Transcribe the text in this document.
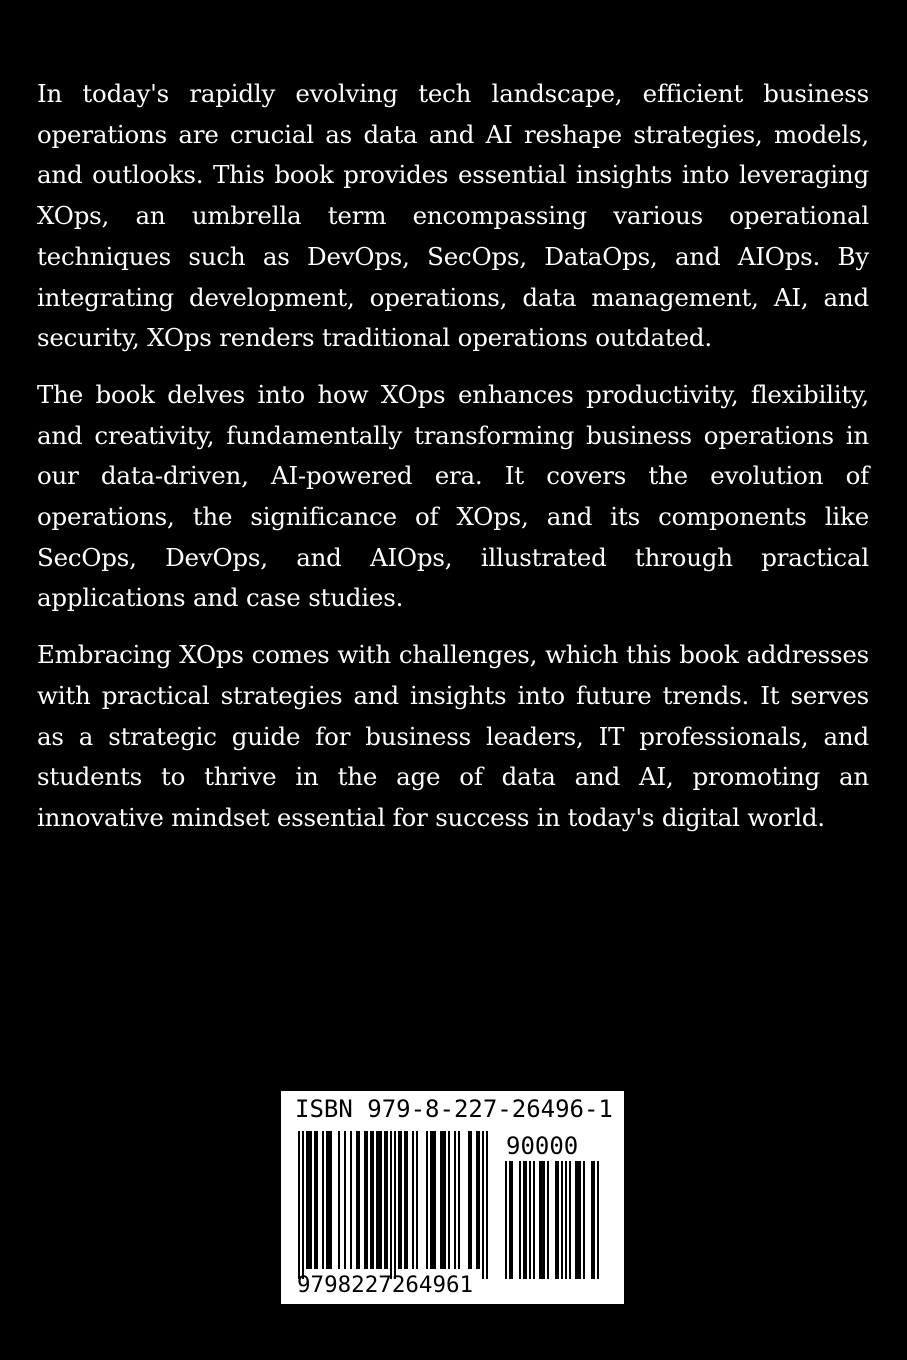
In today's rapidly evolving tech landscape, efficient business operations are crucial as data and AI reshape strategies, models, and outlooks. This book provides essential insights into leveraging XOps, an umbrella term encompassing various operational techniques such as DevOps, SecOps, DataOps, and AIOps. By integrating development, operations, data management, AI, and security, XOps renders traditional operations outdated.

The book delves into how XOps enhances productivity, flexibility, and creativity, fundamentally transforming business operations in our data-driven, AI-powered era. It covers the evolution of operations, the significance of XOps, and its components like SecOps, DevOps, and AIOps, illustrated through practical applications and case studies.

Embracing XOps comes with challenges, which this book addresses with practical strategies and insights into future trends. It serves as a strategic guide for business leaders, IT professionals, and students to thrive in the age of data and AI, promoting an innovative mindset essential for success in today's digital world.

ISBN 979-8-227-26496-1
90000
9798227264961
